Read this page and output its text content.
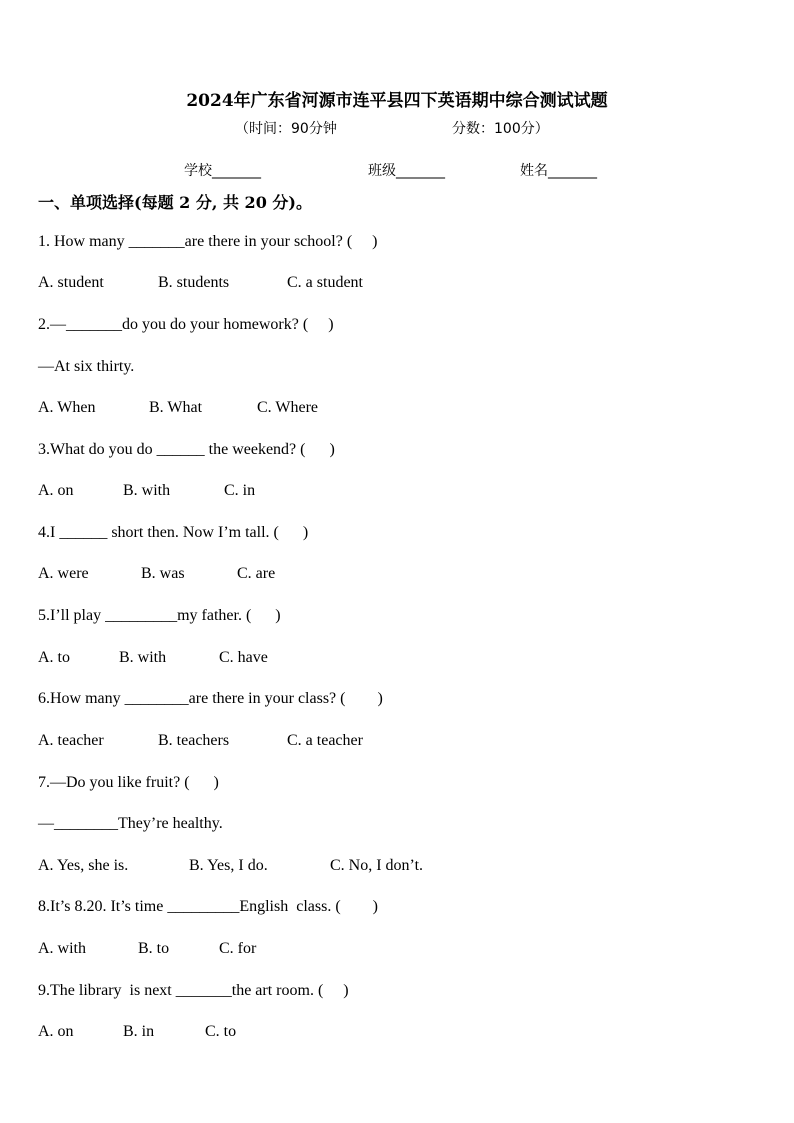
2024年广东省河源市连平县四下英语期中综合测试试题
（时间：90分钟	分数：100分）
学校_______	班级_______	姓名_______
一、单项选择(每题 2 分, 共 20 分)。
1. How many _______are there in your school? (     )
A. student	B. students	C. a student
2.—_______do you do your homework? (     )
—At six thirty.
A. When	B. What	C. Where
3.What do you do ______ the weekend? (      )
A. on	B. with	C. in
4.I ______ short then. Now I’m tall. (      )
A. were	B. was	C. are
5.I’ll play _________my father. (      )
A. to	B. with	C. have
6.How many ________are there in your class? (        )
A. teacher	B. teachers	C. a teacher
7.—Do you like fruit? (      )
—________They’re healthy.
A. Yes, she is.	B. Yes, I do.	C. No, I don’t.
8.It’s 8.20. It’s time _________English  class. (        )
A. with	B. to	C. for
9.The library  is next _______the art room. (     )
A. on	B. in	C. to
